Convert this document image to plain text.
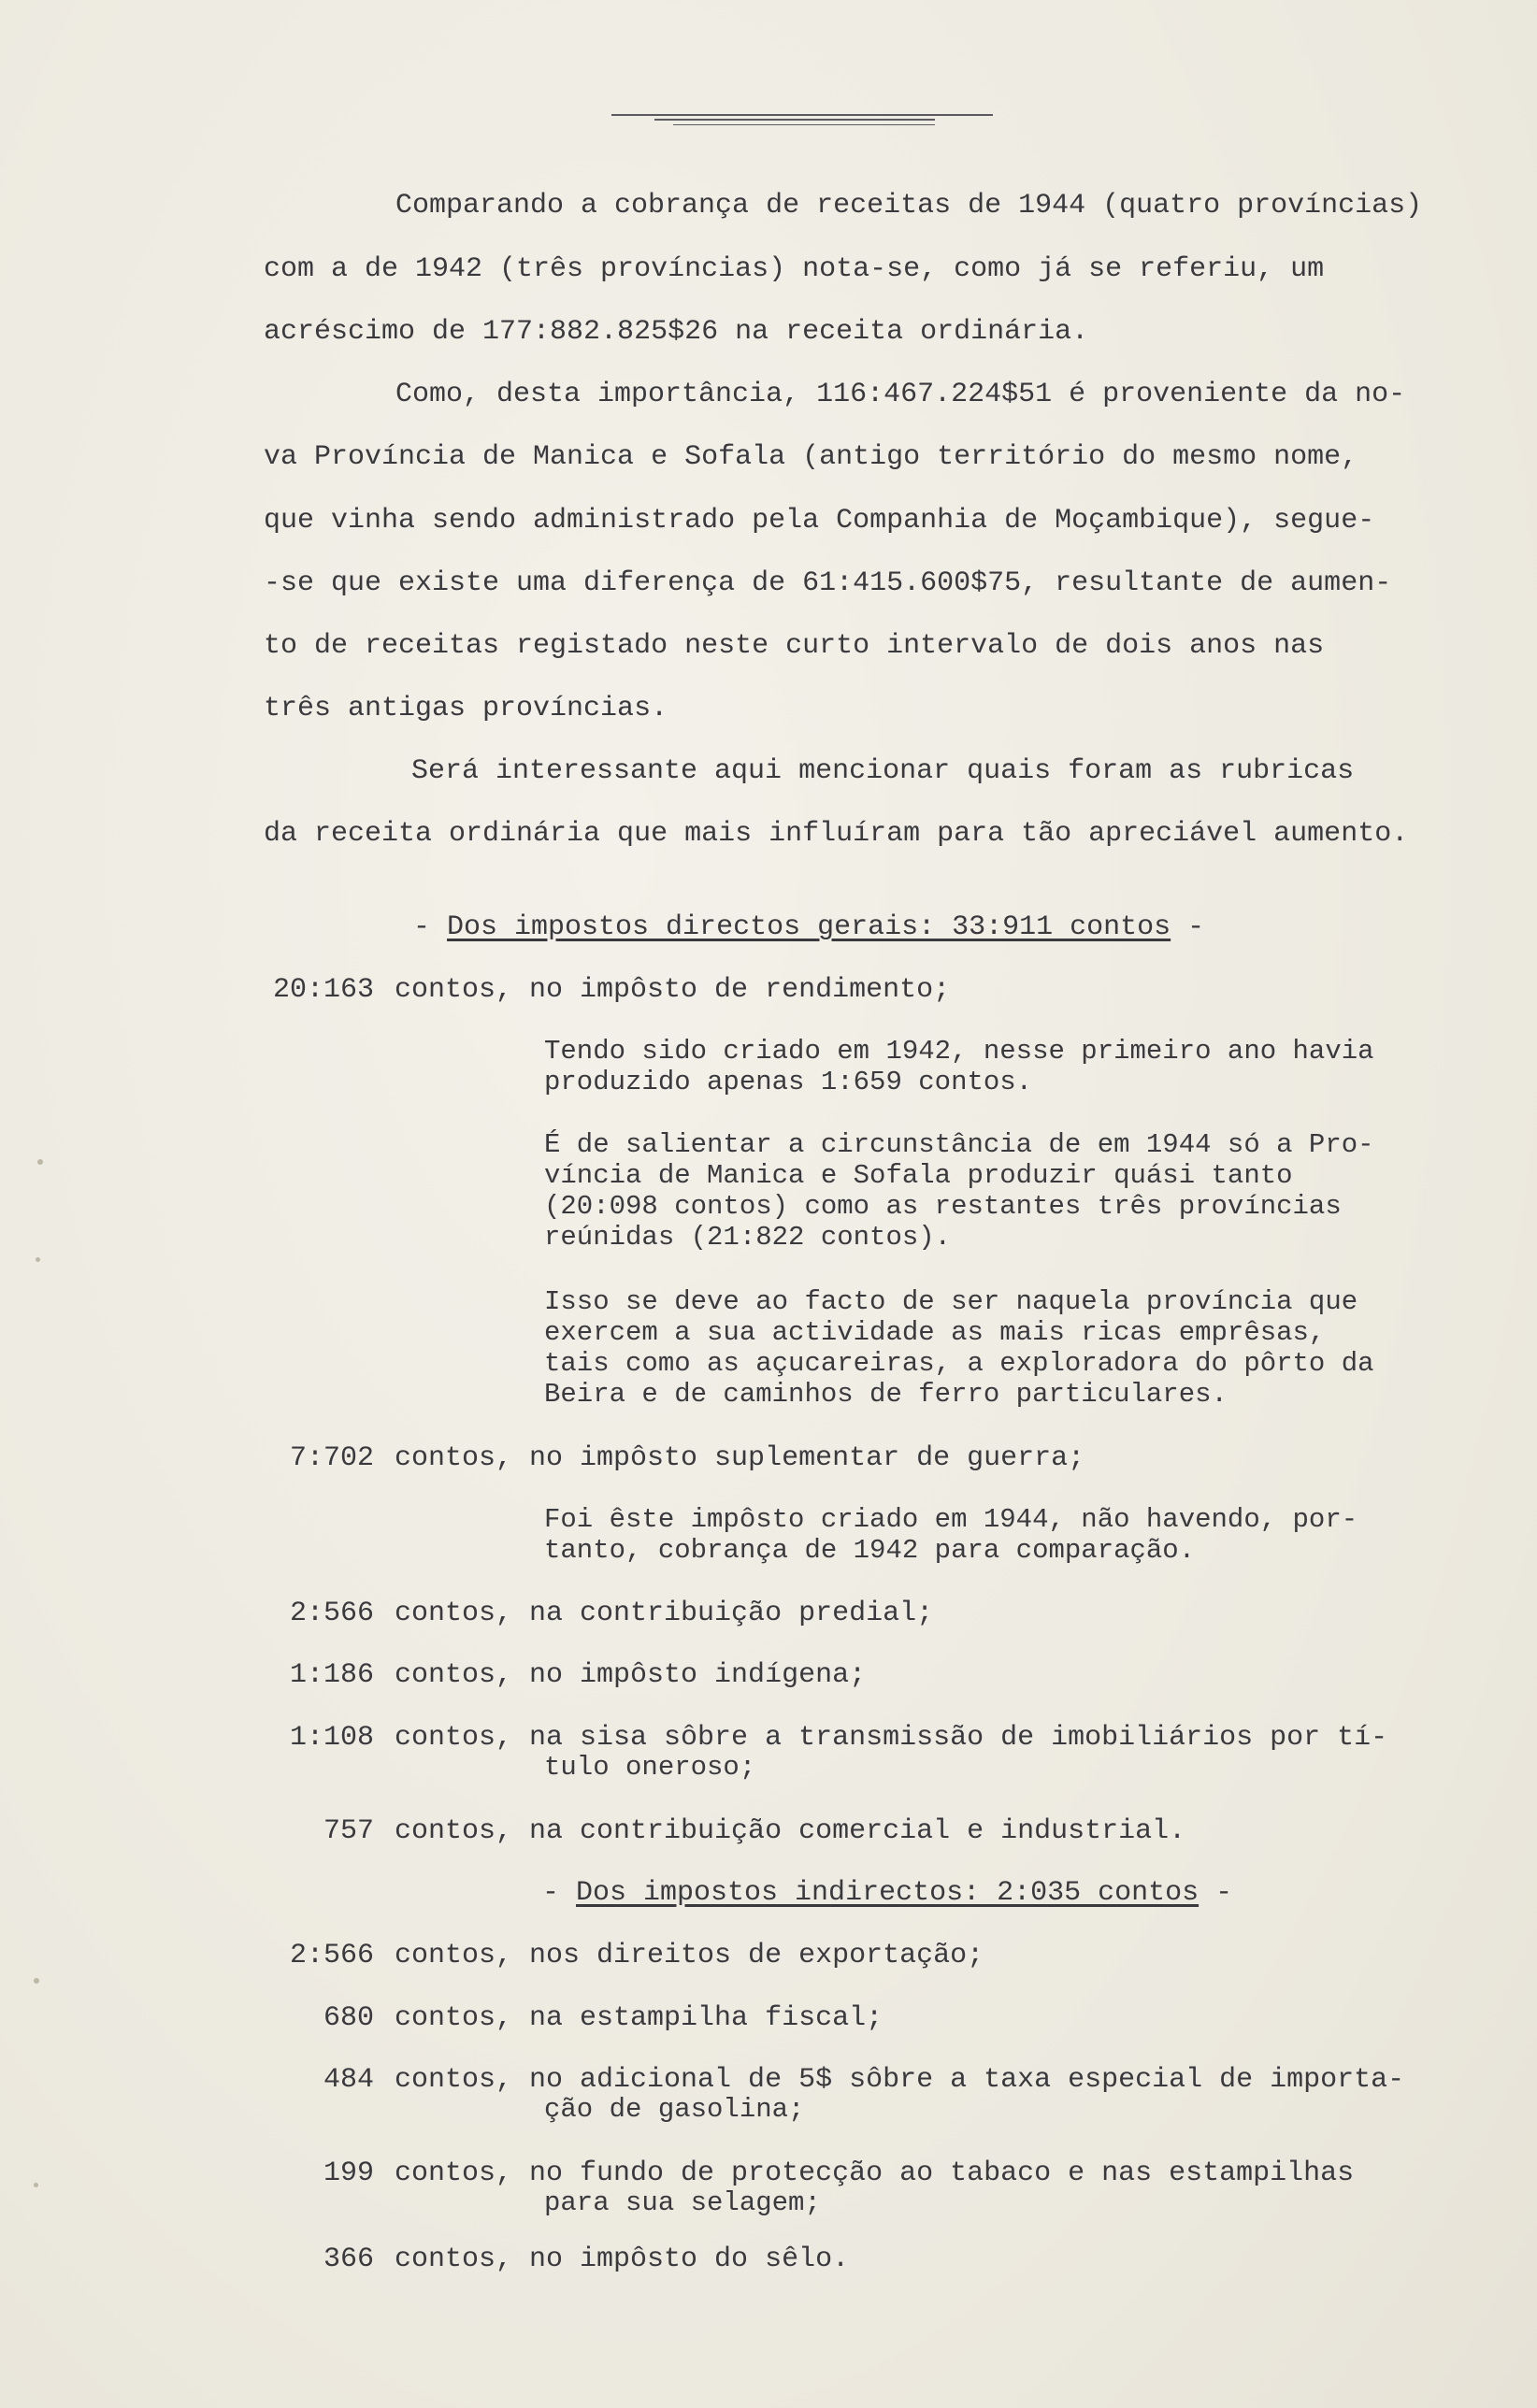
Comparando a cobrança de receitas de 1944 (quatro províncias)

com a de 1942 (três províncias) nota-se, como já se referiu, um

acréscimo de 177:882.825$26 na receita ordinária.

Como, desta importância, 116:467.224$51 é proveniente da no-

va Província de Manica e Sofala (antigo território do mesmo nome,

que vinha sendo administrado pela Companhia de Moçambique), segue-

-se que existe uma diferença de 61:415.600$75, resultante de aumen-

to de receitas registado neste curto intervalo de dois anos nas

três antigas províncias.

Será interessante aqui mencionar quais foram as rubricas

da receita ordinária que mais influíram para tão apreciável aumento.

- Dos impostos directos gerais: 33:911 contos -

20:163 contos, no impôsto de rendimento;

Tendo sido criado em 1942, nesse primeiro ano havia
produzido apenas 1:659 contos.
É de salientar a circunstância de em 1944 só a Pro-
víncia de Manica e Sofala produzir quási tanto
(20:098 contos) como as restantes três províncias
reúnidas (21:822 contos).
Isso se deve ao facto de ser naquela província que
exercem a sua actividade as mais ricas emprêsas,
tais como as açucareiras, a exploradora do pôrto da
Beira e de caminhos de ferro particulares.

7:702 contos, no impôsto suplementar de guerra;

Foi êste impôsto criado em 1944, não havendo, por-
tanto, cobrança de 1942 para comparação.

2:566 contos, na contribuição predial;

1:186 contos, no impôsto indígena;

1:108 contos, na sisa sôbre a transmissão de imobiliários por tí-

tulo oneroso;

757 contos, na contribuição comercial e industrial.

- Dos impostos indirectos: 2:035 contos -

2:566 contos, nos direitos de exportação;

680 contos, na estampilha fiscal;

484 contos, no adicional de 5$ sôbre a taxa especial de importa-

ção de gasolina;

199 contos, no fundo de protecção ao tabaco e nas estampilhas

para sua selagem;

366 contos, no impôsto do sêlo.
